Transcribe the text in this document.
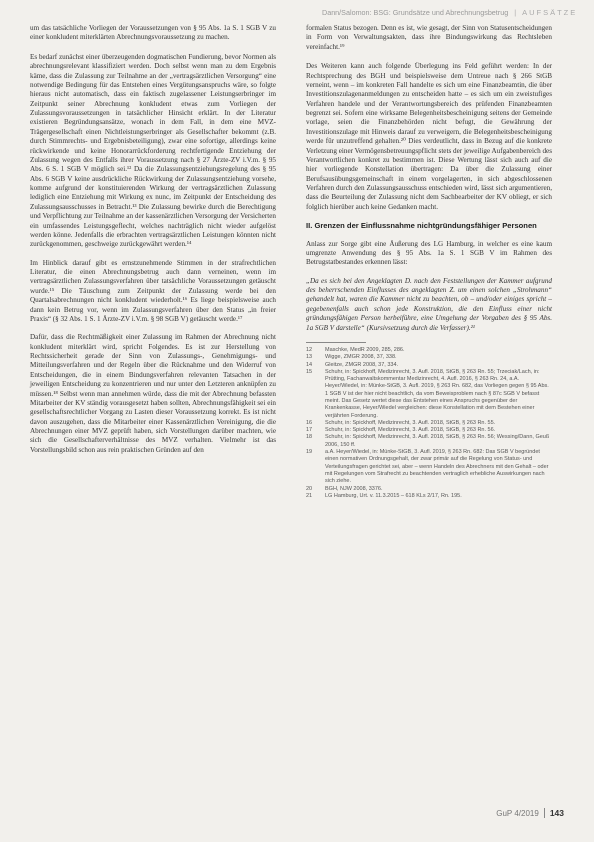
Dann/Salomon: BSG: Grundsätze und Abrechnungsbetrug | AUFSÄTZE

um das tatsächliche Vorliegen der Voraussetzungen von § 95 Abs. 1a S. 1 SGB V zu einer konkludent miterklärten Abrechnungsvoraussetzung zu machen.

Es bedarf zunächst einer überzeugenden dogmatischen Fundierung, bevor Normen als abrechnungsrelevant klassifiziert werden. Doch selbst wenn man zu dem Ergebnis käme, dass die Zulassung zur Teilnahme an der „vertragsärztlichen Versorgung“ eine notwendige Bedingung für das Entstehen eines Vergütungsanspruchs wäre, so folgte hieraus nicht automatisch, dass ein faktisch zugelassener Leistungserbringer im Zeitpunkt seiner Abrechnung konkludent etwas zum Vorliegen der Zulassungsvoraussetzungen in tatsächlicher Hinsicht erklärt. In der Literatur existieren Begründungsansätze, wonach in dem Fall, in dem eine MVZ-Trägergesellschaft einen Nichtleistungserbringer als Gesellschafter bekommt (z.B. durch Stimmrechts- und Ergebnisbeteiligung), zwar eine sofortige, allerdings keine rückwirkende und keine Honorarrückforderung rechtfertigende Entziehung der Zulassung wegen des Entfalls ihrer Voraussetzung nach § 27 Ärzte-ZV i.V.m. § 95 Abs. 6 S. 1 SGB V möglich sei.¹² Da die Zulassungsentziehungsregelung des § 95 Abs. 6 SGB V keine ausdrückliche Rückwirkung der Zulassungsentziehung vorsehe, komme aufgrund der konstituierenden Wirkung der vertragsärztlichen Zulassung lediglich eine Entziehung mit Wirkung ex nunc, im Zeitpunkt der Entscheidung des Zulassungsausschusses in Betracht.¹³ Die Zulassung bewirke durch die Berechtigung und Verpflichtung zur Teilnahme an der kassenärztlichen Versorgung der Versicherten ein umfassendes Leistungsgeflecht, welches nachträglich nicht wieder aufgelöst werden könne. Jedenfalls die erbrachten vertragsärztlichen Leistungen könnten nicht zurückgenommen, geschweige zurückgewährt werden.¹⁴

Im Hinblick darauf gibt es ernstzunehmende Stimmen in der strafrechtlichen Literatur, die einen Abrechnungsbetrug auch dann verneinen, wenn im vertragsärztlichen Zulassungsverfahren über tatsächliche Voraussetzungen getäuscht wurde.¹⁵ Die Täuschung zum Zeitpunkt der Zulassung werde bei den Quartalsabrechnungen nicht konkludent wiederholt.¹⁶ Es liege beispielsweise auch dann kein Betrug vor, wenn im Zulassungsverfahren über den Status „in freier Praxis“ (§ 32 Abs. 1 S. 1 Ärzte-ZV i.V.m. § 98 SGB V) getäuscht werde.¹⁷

Dafür, dass die Rechtmäßigkeit einer Zulassung im Rahmen der Abrechnung nicht konkludent miterklärt wird, spricht Folgendes. Es ist zur Herstellung von Rechtssicherheit gerade der Sinn von Zulassungs-, Genehmigungs- und Mitteilungsverfahren und der Regeln über die Rücknahme und den Widerruf von Entscheidungen, die in einem Bindungsverfahren relevanten Tatsachen in der jeweiligen Entscheidung zu konzentrieren und nur unter den Letzteren anknüpfen zu müssen.¹⁸ Selbst wenn man annehmen würde, dass die mit der Abrechnung befassten Mitarbeiter der KV ständig vorausgesetzt haben sollten, Abrechnungsfähigkeit sei ein gesellschaftsrechtlicher Vorgang zu Lasten dieser Voraussetzung korrekt. Es ist nicht davon auszugehen, dass die Mitarbeiter einer Kassenärztlichen Vereinigung, die die Abrechnungen einer MVZ geprüft haben, sich Vorstellungen darüber machten, wie sich die Gesellschafterverhältnisse des MVZ verhalten. Vielmehr ist das Vorstellungsbild schon aus rein praktischen Gründen auf den

formalen Status bezogen. Denn es ist, wie gesagt, der Sinn von Statusentscheidungen in Form von Verwaltungsakten, dass ihre Bindungswirkung das Rechtsleben vereinfacht.¹⁹

Des Weiteren kann auch folgende Überlegung ins Feld geführt werden: In der Rechtsprechung des BGH und beispielsweise dem Untreue nach § 266 StGB verneint, wenn – im konkreten Fall handelte es sich um eine Finanzbeamtin, die über Investitionszulagenanmeldungen zu entscheiden hatte – es sich um ein zweistufiges Verfahren handele und der Verantwortungsbereich des prüfenden Finanzbeamten begrenzt sei. Sofern eine wirksame Belegenheitsbescheinigung seitens der Gemeinde vorlage, seien die Finanzbehörden nicht befugt, die Gewährung der Investitionszulage mit Hinweis darauf zu verweigern, die Belegenheitsbescheinigung werde für unzutreffend gehalten.²⁰ Dies verdeutlicht, dass in Bezug auf die konkrete Verletzung einer Vermögensbetreuungspflicht stets der jeweilige Aufgabenbereich des Verantwortlichen konkret zu bestimmen ist. Diese Wertung lässt sich auch auf die hier vorliegende Konstellation übertragen: Da über die Zulassung einer Berufsausübungsgemeinschaft in einem vorgelagerten, in sich abgeschlossenen Verfahren durch den Zulassungsausschuss entschieden wird, lässt sich argumentieren, dass die Beurteilung der Zulassung nicht dem Sachbearbeiter der KV obliegt, er sich folglich hierüber auch keine Gedanken macht.

II. Grenzen der Einflussnahme nichtgründungsfähiger Personen

Anlass zur Sorge gibt eine Äußerung des LG Hamburg, in welcher es eine kaum umgrenzte Anwendung des § 95 Abs. 1a S. 1 SGB V im Rahmen des Betrugstatbestandes erkennen lässt:

„Da es sich bei den Angeklagten D. nach den Feststellungen der Kammer aufgrund des beherrschenden Einflusses des angeklagten Z. um einen solchen „Strohmann“ gehandelt hat, waren die Kammer nicht zu beachten, ob – und/oder einiges spricht – gegebenenfalls auch schon jede Konstruktion, die den Einfluss einer nicht gründungsfähigen Person herbeiführe, eine Umgehung der Vorgaben des § 95 Abs. 1a SGB V darstelle“ (Kursivsetzung durch die Verfasser).²¹

12	Maschke, MedR 2009, 285, 286.
13	Wigge, ZMGR 2008, 37, 338.
14	Gleitze, ZMGR 2008, 37, 334.
15	Schuhr, in: Spickhoff, Medizinrecht, 3. Aufl. 2018, StGB, § 263 Rn. 55; Trzeciak/Lach, in: Prütting, Fachanwaltskommentar Medizinrecht, 4. Aufl. 2016, § 263 Rn. 24, a.A. Heyer/Wiedel, in: Münke-StGB, 3. Aufl. 2019, § 263 Rn. 682, das Vorliegen gegen § 95 Abs. 1 SGB V ist der hier nicht beachtlich, da vom Beweisproblem nach § 87c SGB V befasst meint. Das Gesetz wertet diese das Entstehen eines Anspruchs gegenüber der Krankenkasse, Heyer/Wiedel vergleichen: diese Konstellation mit dem Bestehen einer verjährten Forderung.
16	Schuhr, in: Spickhoff, Medizinrecht, 3. Aufl. 2018, StGB, § 263 Rn. 55.
17	Schuhr, in: Spickhoff, Medizinrecht, 3. Aufl. 2018, StGB, § 263 Rn. 56.
18	Schuhr, in: Spickhoff, Medizinrecht, 3. Aufl. 2018, StGB, § 263 Rn. 56; Wessing/Dann, Geuß 2006, 150 ff.
19	a.A. Heyer/Wiedel, in: Münke-StGB, 3. Aufl. 2019, § 263 Rn. 682: Das SGB V begründet einen normativen Ordnungsgehalt, der zwar primär auf die Regelung von Status- und Verteilungsfragen gerichtet sei, aber – wenn Handeln des Abrechners mit den Gehalt – oder mit Regelungen vom Strafrecht zu beachtenden vertraglich erhebliche Auswirkungen nach sich ziehe.
20	BGH, NJW 2008, 3376.
21	LG Hamburg, Urt. v. 11.3.2015 – 618 KLs 2/17, Rn. 195.
GuP 4/2019 143
